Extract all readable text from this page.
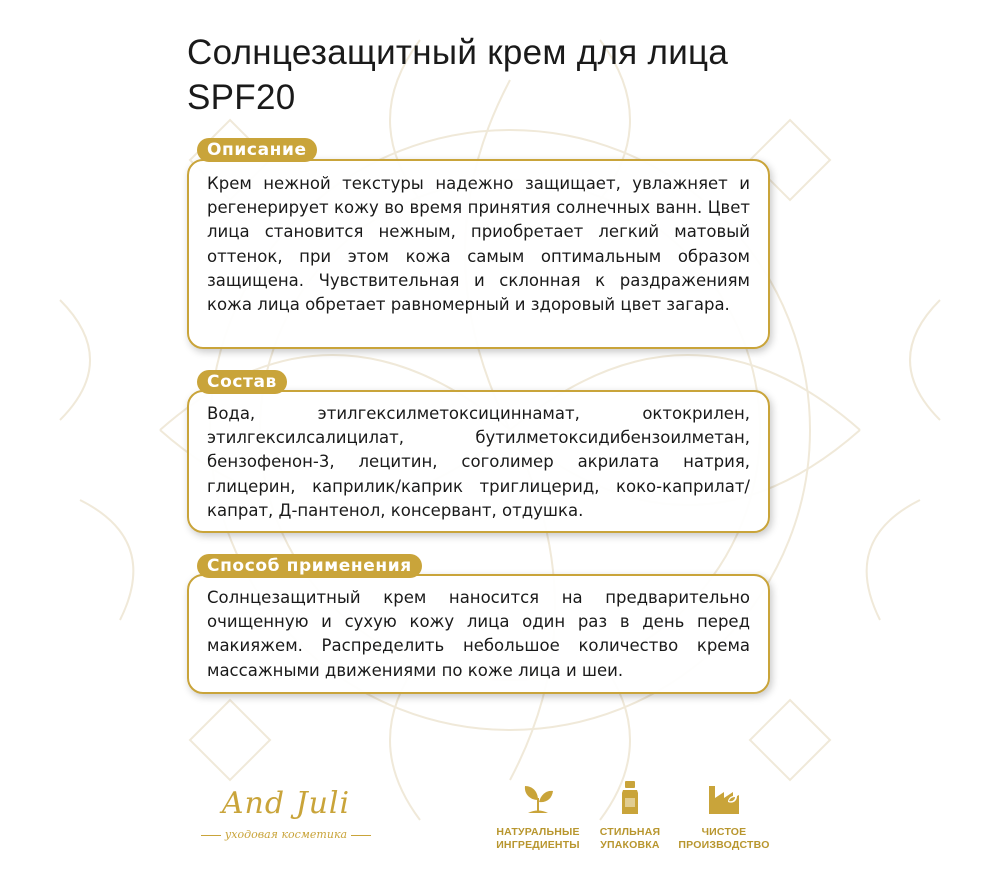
Солнцезащитный крем для лица SPF20
Описание

Крем нежной текстуры надежно защищает, увлажняет и регенерирует кожу во время принятия солнечных ванн. Цвет лица становится нежным, приобретает легкий матовый оттенок, при этом кожа самым оптимальным образом защищена. Чувствительная и склонная к раздражениям кожа лица обретает равномерный и здоровый цвет загара.

Состав

Вода, этилгексилметоксициннамат, октокрилен, этилгексилсалицилат, бутилметоксидибензоилметан, бензофенон-3, лецитин, соголимер акрилата натрия, глицерин, каприлик/каприк триглицерид, коко-каприлат/капрат, Д-пантенол, консервант, отдушка.

Способ применения

Солнцезащитный крем наносится на предварительно очищенную и сухую кожу лица один раз в день перед макияжем. Распределить небольшое количество крема массажными движениями по коже лица и шеи.

And Juli
уходовая косметика	НАТУРАЛЬНЫЕ
ИНГРЕДИЕНТЫ
СТИЛЬНАЯ
УПАКОВКА
ЧИСТОЕ
ПРОИЗВОДСТВО
